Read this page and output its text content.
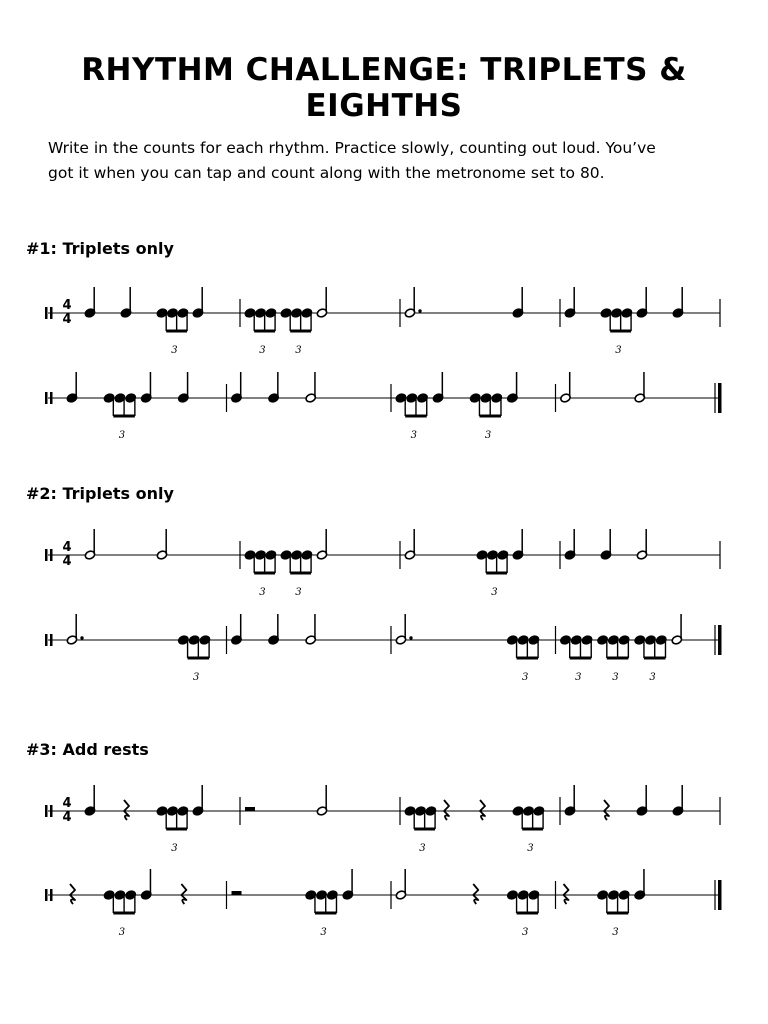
RHYTHM CHALLENGE: TRIPLETS & EIGHTHS
Write in the counts for each rhythm. Practice slowly, counting out loud. You’ve
got it when you can tap and count along with the metronome set to 80.
#1: Triplets only
#2: Triplets only
#3: Add rests
4
4
3	3	3	3
3	3	3
4
4
3	3	3
3	3	3	3	3
4
4
3	3	3
3	3	3	3
